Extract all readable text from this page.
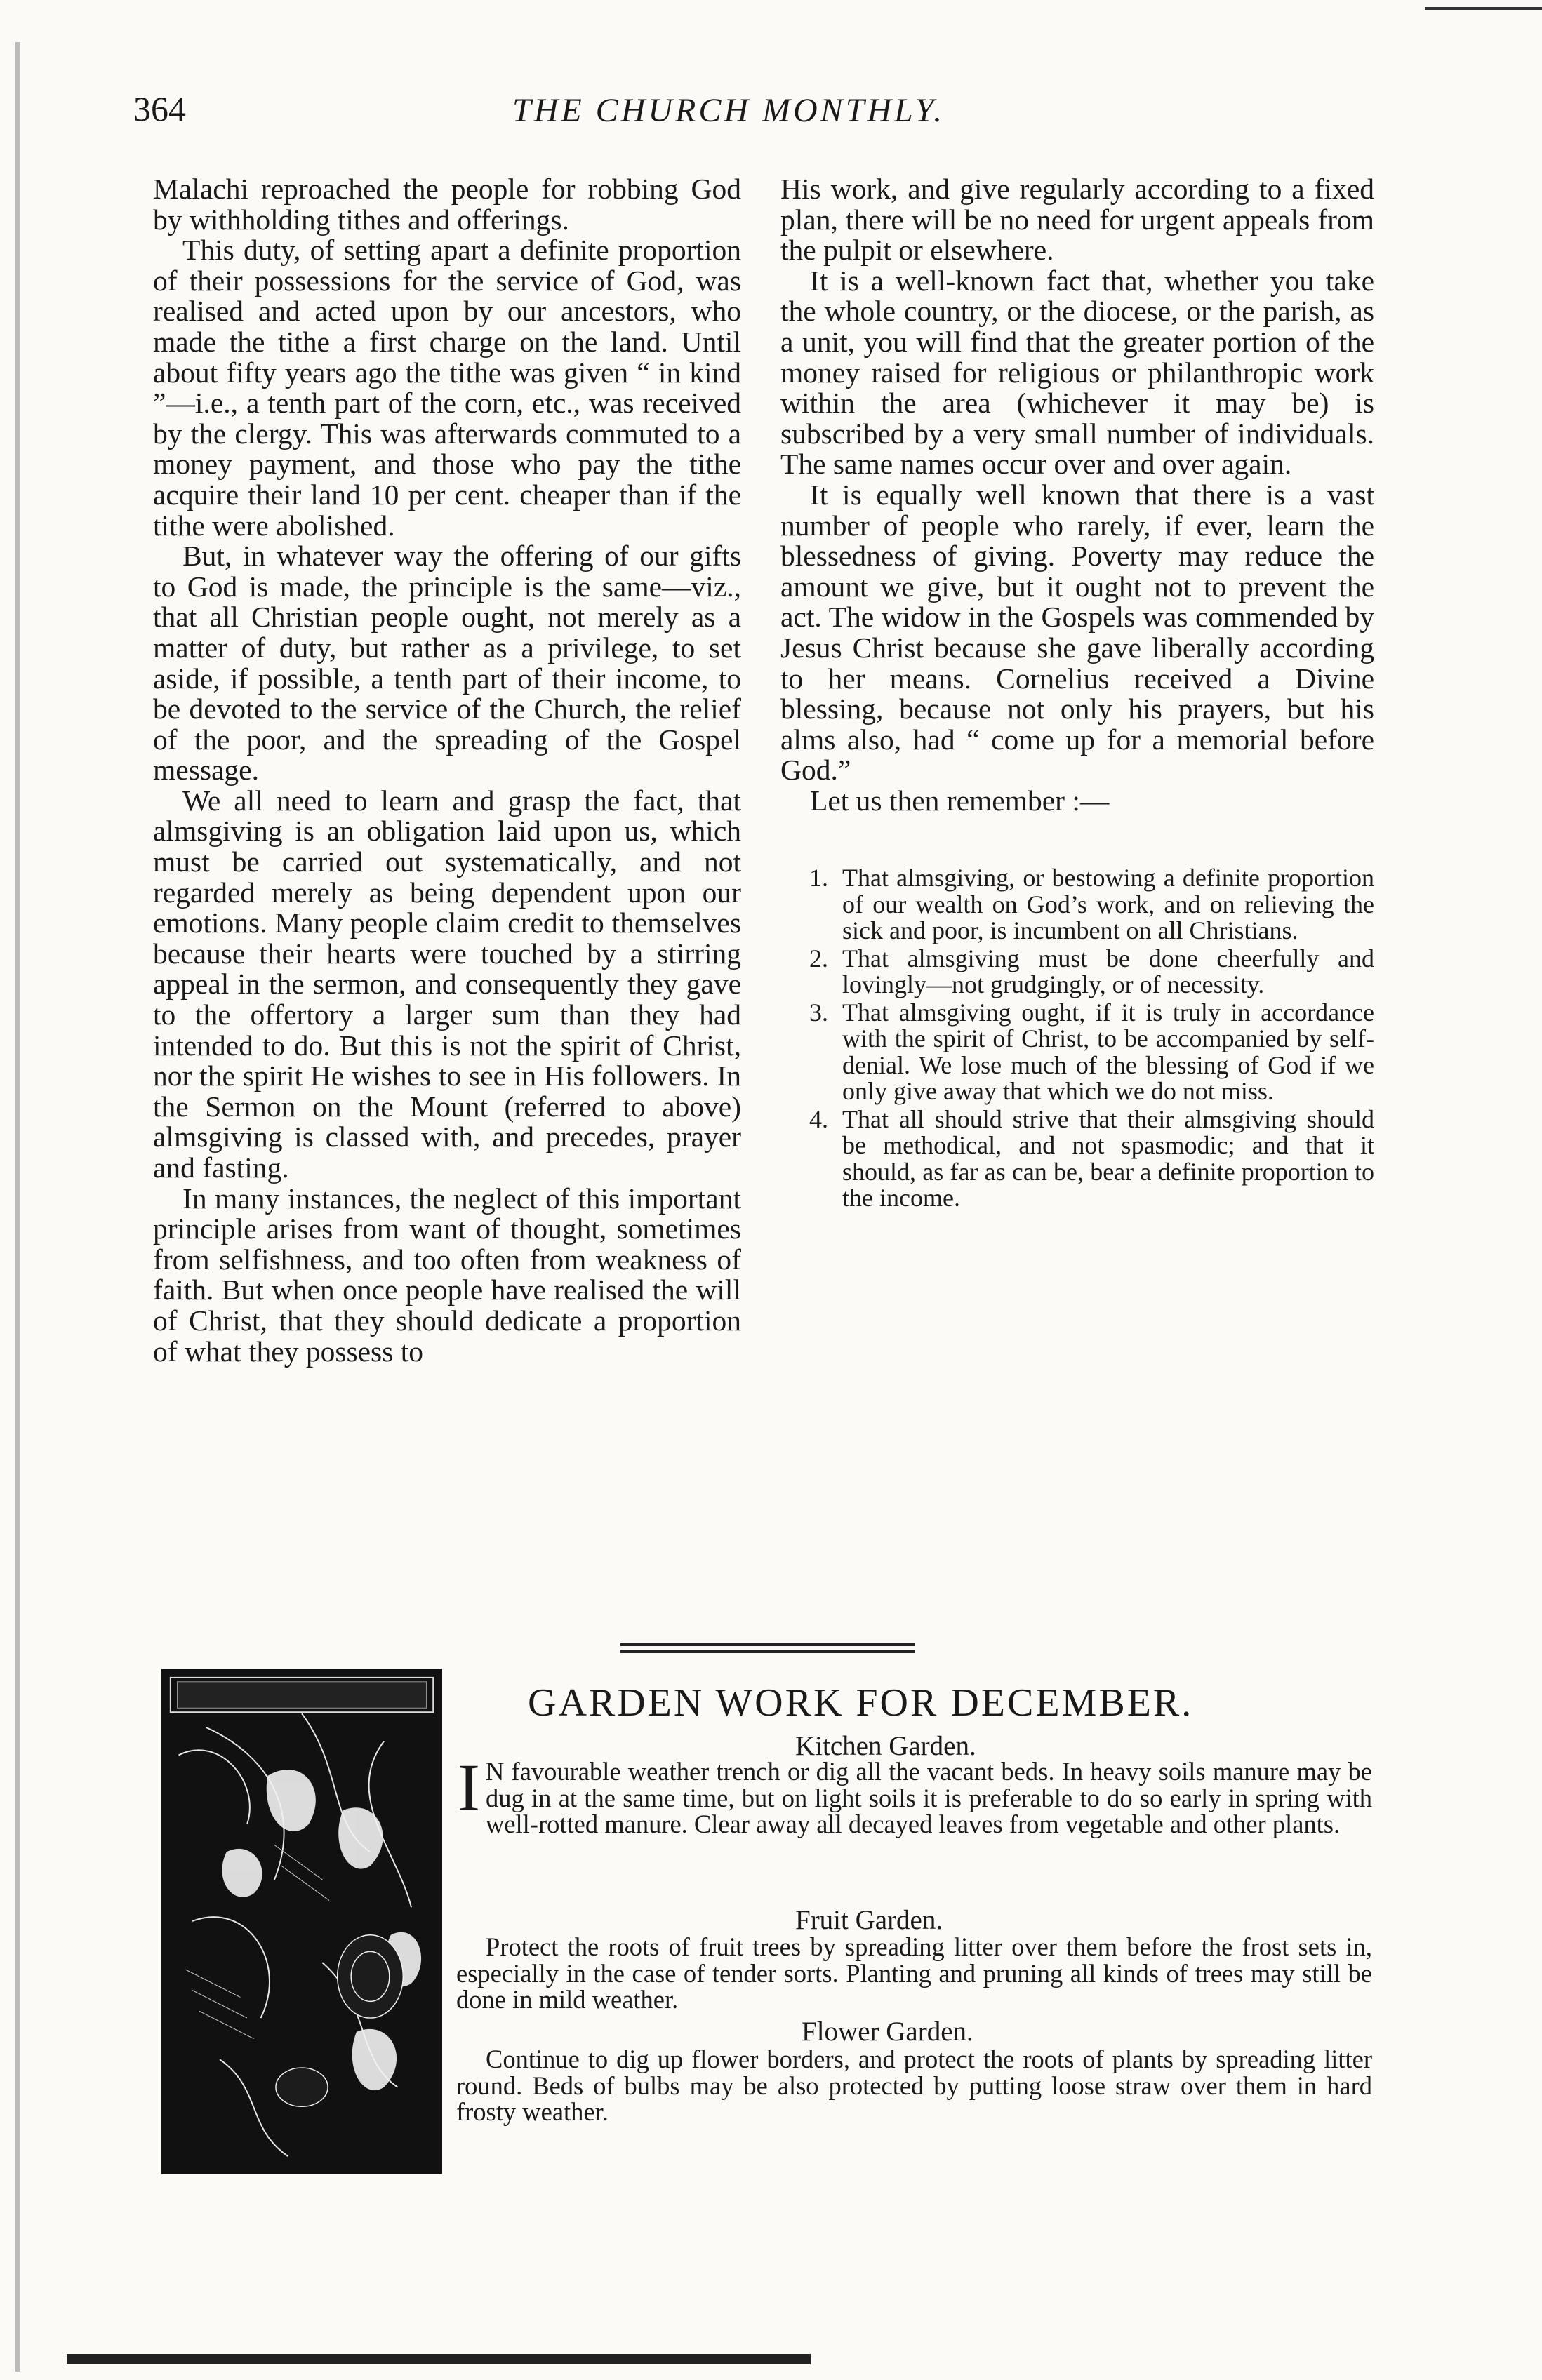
364	THE CHURCH MONTHLY.

Malachi reproached the people for robbing God by withholding tithes and offerings.

This duty, of setting apart a definite proportion of their possessions for the service of God, was realised and acted upon by our ancestors, who made the tithe a first charge on the land. Until about fifty years ago the tithe was given “ in kind ”—i.e., a tenth part of the corn, etc., was received by the clergy. This was afterwards commuted to a money payment, and those who pay the tithe acquire their land 10 per cent. cheaper than if the tithe were abolished.

But, in whatever way the offering of our gifts to God is made, the principle is the same—viz., that all Christian people ought, not merely as a matter of duty, but rather as a privilege, to set aside, if possible, a tenth part of their income, to be devoted to the service of the Church, the relief of the poor, and the spreading of the Gospel message.

We all need to learn and grasp the fact, that almsgiving is an obligation laid upon us, which must be carried out systematically, and not regarded merely as being dependent upon our emotions. Many people claim credit to themselves because their hearts were touched by a stirring appeal in the sermon, and consequently they gave to the offertory a larger sum than they had intended to do. But this is not the spirit of Christ, nor the spirit He wishes to see in His followers. In the Sermon on the Mount (referred to above) almsgiving is classed with, and precedes, prayer and fasting.

In many instances, the neglect of this important principle arises from want of thought, sometimes from selfishness, and too often from weakness of faith. But when once people have realised the will of Christ, that they should dedicate a proportion of what they possess to

His work, and give regularly according to a fixed plan, there will be no need for urgent appeals from the pulpit or elsewhere.

It is a well-known fact that, whether you take the whole country, or the diocese, or the parish, as a unit, you will find that the greater portion of the money raised for religious or philanthropic work within the area (whichever it may be) is subscribed by a very small number of individuals. The same names occur over and over again.

It is equally well known that there is a vast number of people who rarely, if ever, learn the blessedness of giving. Poverty may reduce the amount we give, but it ought not to prevent the act. The widow in the Gospels was commended by Jesus Christ because she gave liberally according to her means. Cornelius received a Divine blessing, because not only his prayers, but his alms also, had “ come up for a memorial before God.”

Let us then remember :—

1. That almsgiving, or bestowing a definite proportion of our wealth on God’s work, and on relieving the sick and poor, is incumbent on all Christians.
2. That almsgiving must be done cheerfully and lovingly—not grudgingly, or of necessity.
3. That almsgiving ought, if it is truly in accordance with the spirit of Christ, to be accompanied by self-denial. We lose much of the blessing of God if we only give away that which we do not miss.
4. That all should strive that their almsgiving should be methodical, and not spasmodic; and that it should, as far as can be, bear a definite proportion to the income.
GARDEN WORK FOR DECEMBER.
Kitchen Garden.
I N favourable weather trench or dig all the vacant beds. In heavy soils manure may be dug in at the same time, but on light soils it is preferable to do so early in spring with well-rotted manure. Clear away all decayed leaves from vegetable and other plants.
Fruit Garden.
Protect the roots of fruit trees by spreading litter over them before the frost sets in, especially in the case of tender sorts. Planting and pruning all kinds of trees may still be done in mild weather.
Flower Garden.
Continue to dig up flower borders, and protect the roots of plants by spreading litter round. Beds of bulbs may be also protected by putting loose straw over them in hard frosty weather.
